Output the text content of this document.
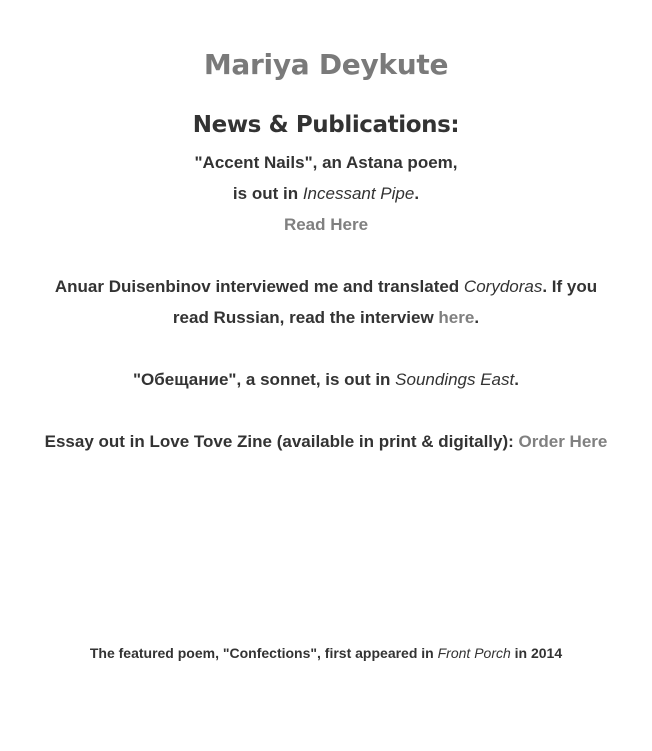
Mariya Deykute
News & Publications:

"Accent Nails", an Astana poem,
is out in Incessant Pipe.
Read Here

Anuar Duisenbinov interviewed me and translated Corydoras. If you read Russian, read the interview here.

"Обещание", a sonnet, is out in Soundings East.

Essay out in Love Tove Zine (available in print & digitally): Order Here

The featured poem, "Confections", first appeared in Front Porch in 2014
